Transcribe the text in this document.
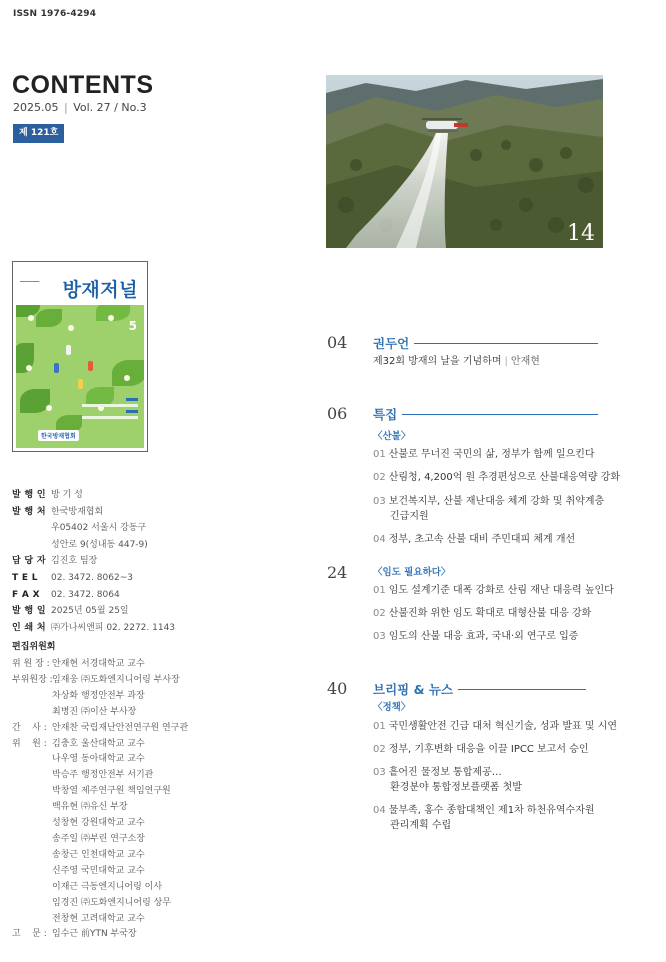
ISSN 1976-4294
CONTENTS
2025.05 | Vol. 27 / No.3
제 121호
━━━━━━━━	방재저널
5
한국방재협회
발 행 인 방 기 성
발 행 처 한국방재협회
우05402 서울시 강동구
성안로 9(성내동 447-9)
담 당 자 김진호 팀장
T E L	02. 3472. 8062~3
F A X	02. 3472. 8064
발 행 일 2025년 05월 25일
인 쇄 처 ㈜가나씨앤피 02. 2272. 1143
편집위원회
위 원 장 : 안재현 서경대학교 교수
부위원장 : 임재웅 ㈜도화엔지니어링 부사장
차상화 행정안전부 과장
최병진 ㈜이산 부사장
간    사 : 안재찬 국립재난안전연구원 연구관
위    원 : 김충호 울산대학교 교수
나우영 동아대학교 교수
박승주 행정안전부 서기관
박창열 제주연구원 책임연구원
백유현 ㈜유신 부장
성창현 강원대학교 교수
송주일 ㈜부린 연구소장
송창근 인천대학교 교수
신주영 국민대학교 교수
이재근 극동엔지니어링 이사
임경진 ㈜도화엔지니어링 상무
전창현 고려대학교 교수
고    문 : 임수근 前YTN 부국장
14
04 권두언
제32회 방재의 날을 기념하며 | 안재현
06 특집
〈산불〉
01 산불로 무너진 국민의 삶, 정부가 함께 일으킨다
02 산림청, 4,200억 원 추경편성으로 산불대응역량 강화
03 보건복지부, 산불 재난대응 체계 강화 및 취약계층
긴급지원
04 정부, 초고속 산불 대비 주민대피 체계 개선
24	〈임도 필요하다〉
01 임도 설계기준 대폭 강화로 산림 재난 대응력 높인다
02 산불진화 위한 임도 확대로 대형산불 대응 강화
03 임도의 산불 대응 효과, 국내·외 연구로 입증
40 브리핑 & 뉴스
〈정책〉
01 국민생활안전 긴급 대처 혁신기술, 성과 발표 및 시연
02 정부, 기후변화 대응을 이끌 IPCC 보고서 승인
03 흩어진 물정보 통합제공…
환경분야 통합정보플랫폼 첫발
04 물부족, 홍수 종합대책인 제1차 하천유역수자원
관리계획 수립
